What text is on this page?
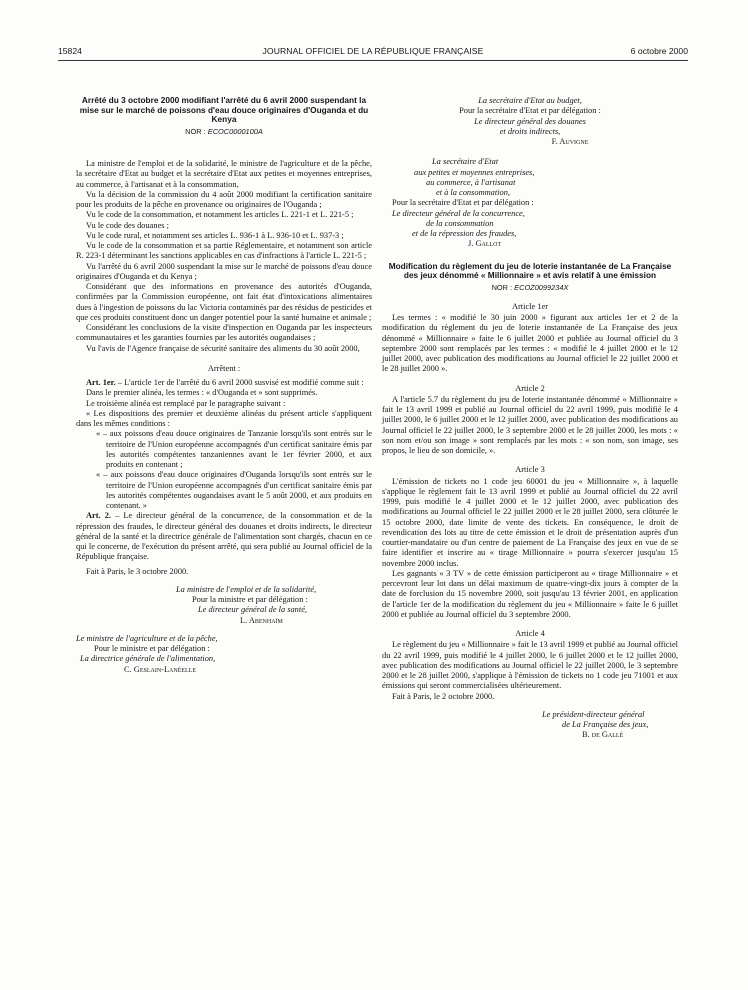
15824	JOURNAL OFFICIEL DE LA RÉPUBLIQUE FRANÇAISE	6 octobre 2000

Arrêté du 3 octobre 2000 modifiant l'arrêté du 6 avril 2000 suspendant la mise sur le marché de poissons d'eau douce originaires d'Ouganda et du Kenya

NOR : ECOC0000100A

La ministre de l'emploi et de la solidarité, le ministre de l'agriculture et de la pêche, la secrétaire d'Etat au budget et la secrétaire d'Etat aux petites et moyennes entreprises, au commerce, à l'artisanat et à la consommation,

Vu la décision de la commission du 4 août 2000 modifiant la certification sanitaire pour les produits de la pêche en provenance ou originaires de l'Ouganda ;

Vu le code de la consommation, et notamment les articles L. 221-1 et L. 221-5 ;

Vu le code des douanes ;

Vu le code rural, et notamment ses articles L. 936-1 à L. 936-10 et L. 937-3 ;

Vu le code de la consommation et sa partie Réglementaire, et notamment son article R. 223-1 déterminant les sanctions applicables en cas d'infractions à l'article L. 221-5 ;

Vu l'arrêté du 6 avril 2000 suspendant la mise sur le marché de poissons d'eau douce originaires d'Ouganda et du Kenya ;

Considérant que des informations en provenance des autorités d'Ouganda, confirmées par la Commission européenne, ont fait état d'intoxications alimentaires dues à l'ingestion de poissons du lac Victoria contaminés par des résidus de pesticides et que ces produits constituent donc un danger potentiel pour la santé humaine et animale ;

Considérant les conclusions de la visite d'inspection en Ouganda par les inspecteurs communautaires et les garanties fournies par les autorités ougandaises ;

Vu l'avis de l'Agence française de sécurité sanitaire des aliments du 30 août 2000,

Arrêtent :

Art. 1er. – L'article 1er de l'arrêté du 6 avril 2000 susvisé est modifié comme suit :

Dans le premier alinéa, les termes : « d'Ouganda et » sont supprimés.

Le troisième alinéa est remplacé par le paragraphe suivant :

« Les dispositions des premier et deuxième alinéas du présent article s'appliquent dans les mêmes conditions :

« – aux poissons d'eau douce originaires de Tanzanie lorsqu'ils sont entrés sur le territoire de l'Union européenne accompagnés d'un certificat sanitaire émis par les autorités compétentes tanzaniennes avant le 1er février 2000, et aux produits en contenant ;

« – aux poissons d'eau douce originaires d'Ouganda lorsqu'ils sont entrés sur le territoire de l'Union européenne accompagnés d'un certificat sanitaire émis par les autorités compétentes ougandaises avant le 5 août 2000, et aux produits en contenant. »

Art. 2. – Le directeur général de la concurrence, de la consommation et de la répression des fraudes, le directeur général des douanes et droits indirects, le directeur général de la santé et la directrice générale de l'alimentation sont chargés, chacun en ce qui le concerne, de l'exécution du présent arrêté, qui sera publié au Journal officiel de la République française.

Fait à Paris, le 3 octobre 2000.

La ministre de l'emploi et de la solidarité,
Pour la ministre et par délégation :
Le directeur général de la santé,
L. Abenhaïm
Le ministre de l'agriculture et de la pêche,
Pour le ministre et par délégation :
La directrice générale de l'alimentation,
C. Geslain-Lanéelle
La secrétaire d'Etat au budget,
Pour la secrétaire d'Etat et par délégation :
Le directeur général des douanes
et droits indirects,
F. Auvigne
La secrétaire d'Etat
aux petites et moyennes entreprises,
au commerce, à l'artisanat
et à la consommation,
Pour la secrétaire d'Etat et par délégation :
Le directeur général de la concurrence,
de la consommation
et de la répression des fraudes,
J. Gallot

Modification du règlement du jeu de loterie instantanée de La Française des jeux dénommé « Millionnaire » et avis relatif à une émission

NOR : ECOZ0099234X

Article 1er

Les termes : « modifié le 30 juin 2000 » figurant aux articles 1er et 2 de la modification du règlement du jeu de loterie instantanée de La Française des jeux dénommé « Millionnaire » faite le 6 juillet 2000 et publiée au Journal officiel du 3 septembre 2000 sont remplacés par les termes : « modifié le 4 juillet 2000 et le 12 juillet 2000, avec publication des modifications au Journal officiel le 22 juillet 2000 et le 28 juillet 2000 ».

Article 2

A l'article 5.7 du règlement du jeu de loterie instantanée dénommé « Millionnaire » fait le 13 avril 1999 et publié au Journal officiel du 22 avril 1999, puis modifié le 4 juillet 2000, le 6 juillet 2000 et le 12 juillet 2000, avec publication des modifications au Journal officiel le 22 juillet 2000, le 3 septembre 2000 et le 28 juillet 2000, les mots : « son nom et/ou son image » sont remplacés par les mots : « son nom, son image, ses propos, le lieu de son domicile, ».

Article 3

L'émission de tickets no 1 code jeu 60001 du jeu « Millionnaire », à laquelle s'applique le règlement fait le 13 avril 1999 et publié au Journal officiel du 22 avril 1999, puis modifié le 4 juillet 2000 et le 12 juillet 2000, avec publication des modifications au Journal officiel le 22 juillet 2000 et le 28 juillet 2000, sera clôturée le 15 octobre 2000, date limite de vente des tickets. En conséquence, le droit de revendication des lots au titre de cette émission et le droit de présentation auprès d'un courtier-mandataire ou d'un centre de paiement de La Française des jeux en vue de se faire identifier et inscrire au « tirage Millionnaire » pourra s'exercer jusqu'au 15 novembre 2000 inclus.

Les gagnants « 3 TV » de cette émission participeront au « tirage Millionnaire » et percevront leur lot dans un délai maximum de quatre-vingt-dix jours à compter de la date de forclusion du 15 novembre 2000, soit jusqu'au 13 février 2001, en application de l'article 1er de la modification du règlement du jeu « Millionnaire » faite le 6 juillet 2000 et publiée au Journal officiel du 3 septembre 2000.

Article 4

Le règlement du jeu « Millionnaire » fait le 13 avril 1999 et publié au Journal officiel du 22 avril 1999, puis modifié le 4 juillet 2000, le 6 juillet 2000 et le 12 juillet 2000, avec publication des modifications au Journal officiel le 22 juillet 2000, le 3 septembre 2000 et le 28 juillet 2000, s'applique à l'émission de tickets no 1 code jeu 71001 et aux émissions qui seront commercialisées ultérieurement.

Fait à Paris, le 2 octobre 2000.

Le président-directeur général
de La Française des jeux,
B. de Gallé
